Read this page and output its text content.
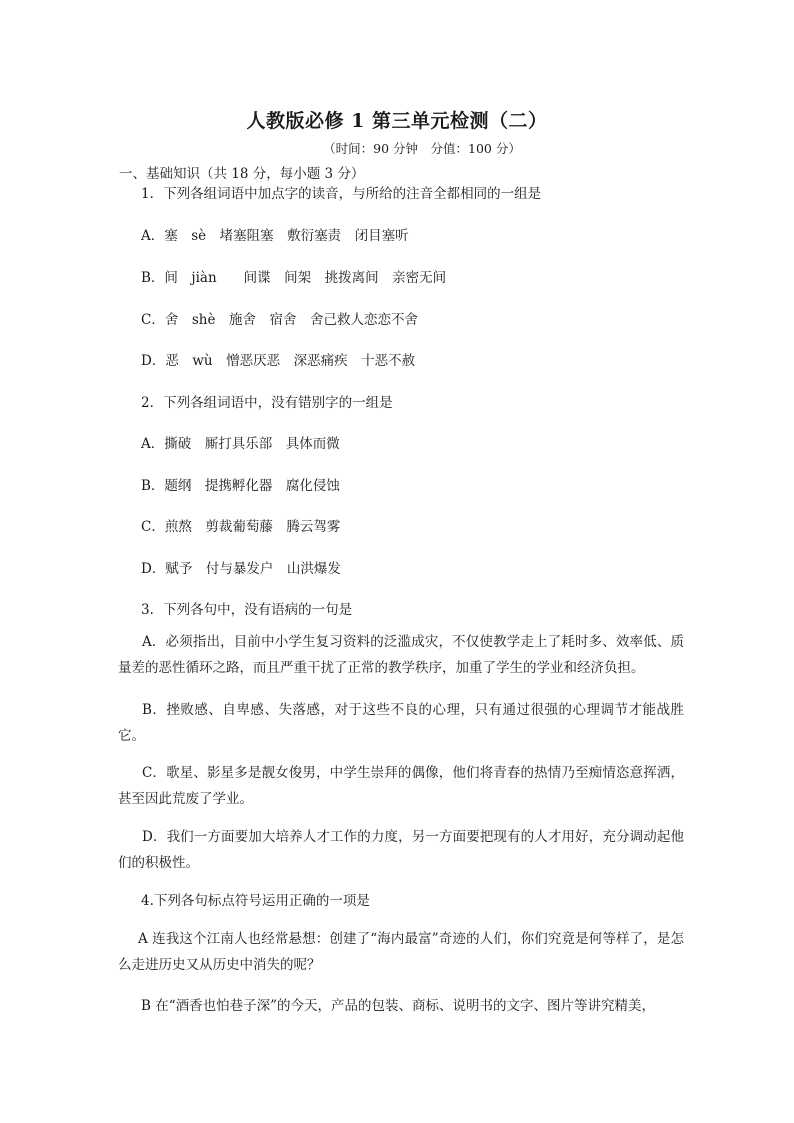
人教版必修 1 第三单元检测（二）
（时间：90 分钟　分值：100 分）
一、基础知识（共 18 分，每小题 3 分）
1．下列各组词语中加点字的读音，与所给的注音全都相同的一组是
A．塞　sè　堵塞阻塞　敷衍塞责　闭目塞听
B．间　jiàn　　间谍　间架　挑拨离间　亲密无间
C．舍　shè　施舍　宿舍　舍己救人恋恋不舍
D．恶　wù　憎恶厌恶　深恶痛疾　十恶不赦
2．下列各组词语中，没有错别字的一组是
A．撕破　厮打具乐部　具体而微
B．题纲　提携孵化器　腐化侵蚀
C．煎熬　剪裁葡萄藤　腾云驾雾
D．赋予　付与暴发户　山洪爆发
3．下列各句中，没有语病的一句是
A．必须指出，目前中小学生复习资料的泛滥成灾，不仅使教学走上了耗时多、效率低、质量差的恶性循环之路，而且严重干扰了正常的教学秩序，加重了学生的学业和经济负担。
B．挫败感、自卑感、失落感，对于这些不良的心理，只有通过很强的心理调节才能战胜它。
C．歌星、影星多是靓女俊男，中学生崇拜的偶像，他们将青春的热情乃至痴情恣意挥洒，甚至因此荒废了学业。
D．我们一方面要加大培养人才工作的力度，另一方面要把现有的人才用好，充分调动起他们的积极性。
4.下列各句标点符号运用正确的一项是
A 连我这个江南人也经常悬想：创建了“海内最富”奇迹的人们，你们究竟是何等样了，是怎么走进历史又从历史中消失的呢？
B 在“酒香也怕巷子深”的今天，产品的包装、商标、说明书的文字、图片等讲究精美，
